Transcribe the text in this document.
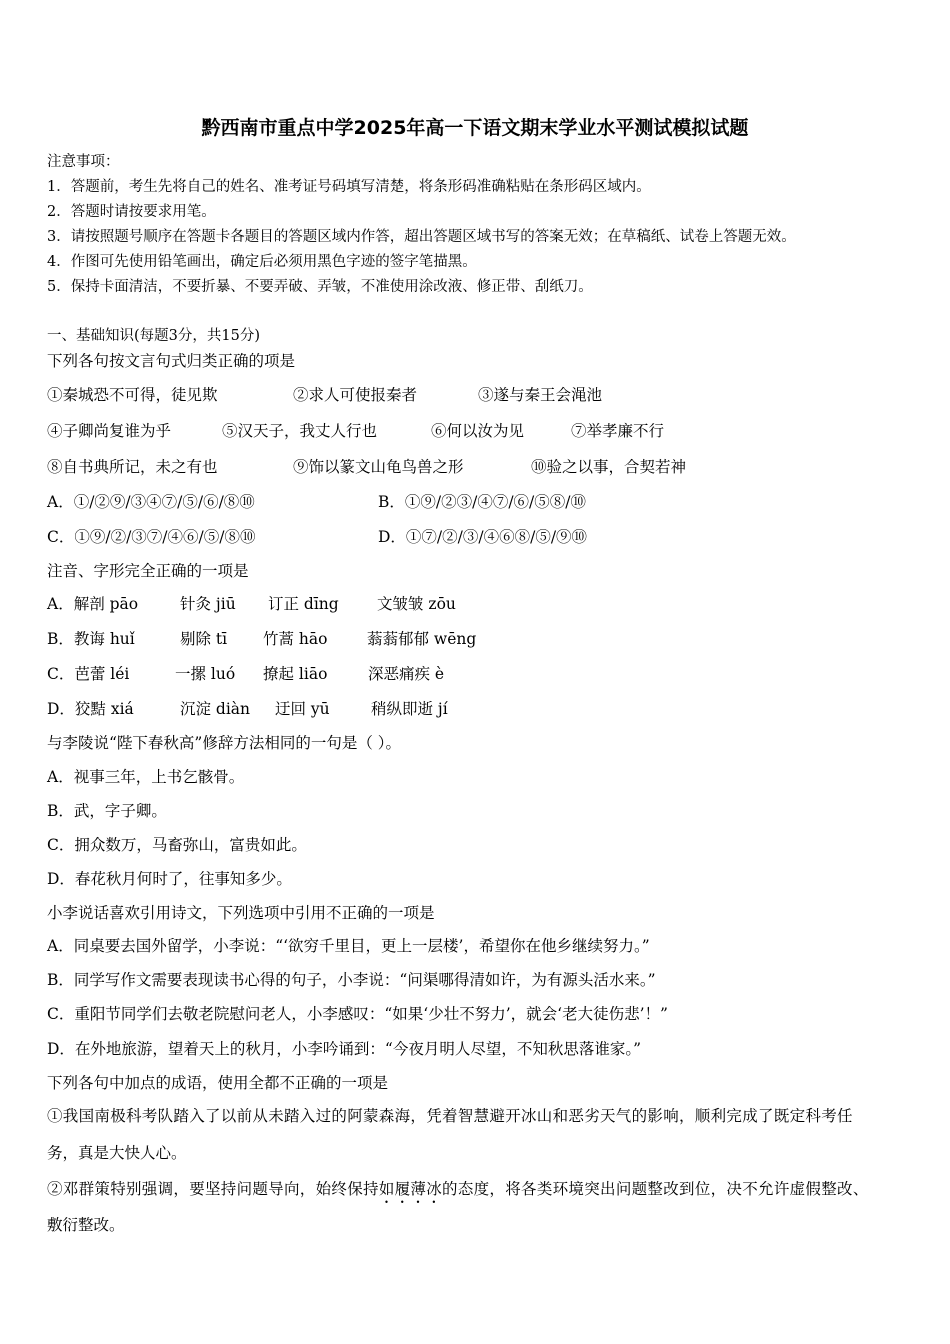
黔西南市重点中学2025年高一下语文期末学业水平测试模拟试题
注意事项：
1．答题前，考生先将自己的姓名、准考证号码填写清楚，将条形码准确粘贴在条形码区域内。
2．答题时请按要求用笔。
3．请按照题号顺序在答题卡各题目的答题区域内作答，超出答题区域书写的答案无效；在草稿纸、试卷上答题无效。
4．作图可先使用铅笔画出，确定后必须用黑色字迹的签字笔描黑。
5．保持卡面清洁，不要折暴、不要弄破、弄皱，不准使用涂改液、修正带、刮纸刀。
一、基础知识(每题3分，共15分)
下列各句按文言句式归类正确的项是
①秦城恐不可得，徒见欺	②求人可使报秦者	③遂与秦王会渑池
④子卿尚复谁为乎	⑤汉天子，我丈人行也	⑥何以汝为见	⑦举孝廉不行
⑧自书典所记，未之有也	⑨饰以篆文山龟鸟兽之形	⑩验之以事，合契若神
A．①/②⑨/③④⑦/⑤/⑥/⑧⑩	B．①⑨/②③/④⑦/⑥/⑤⑧/⑩
C．①⑨/②/③⑦/④⑥/⑤/⑧⑩	D．①⑦/②/③/④⑥⑧/⑤/⑨⑩
注音、字形完全正确的一项是
A．解剖 pāo	针灸 jiū 订正 dīng 文皱皱 zōu
B．教诲 huǐ	剔除 tī 竹蒿 hāo	蓊蓊郁郁 wēng
C．芭蕾 léi	一摞 luó 撩起 liāo	深恶痛疾 è
D．狡黠 xiá	沉淀 diàn 迂回 yū	稍纵即逝 jí
与李陵说“陛下春秋高”修辞方法相同的一句是（ ）。
A．视事三年，上书乞骸骨。
B．武，字子卿。
C．拥众数万，马畜弥山，富贵如此。
D．春花秋月何时了，往事知多少。
小李说话喜欢引用诗文，下列选项中引用不正确的一项是
A．同桌要去国外留学，小李说：“‘欲穷千里目，更上一层楼’，希望你在他乡继续努力。”
B．同学写作文需要表现读书心得的句子，小李说：“问渠哪得清如许，为有源头活水来。”
C．重阳节同学们去敬老院慰问老人，小李感叹：“如果‘少壮不努力’，就会‘老大徒伤悲’！”
D．在外地旅游，望着天上的秋月，小李吟诵到：“今夜月明人尽望，不知秋思落谁家。”
下列各句中加点的成语，使用全都不正确的一项是
①我国南极科考队踏入了以前从未踏入过的阿蒙森海，凭着智慧避开冰山和恶劣天气的影响，顺利完成了既定科考任
务，真是大快人心。
②邓群策特别强调，要坚持问题导向，始终保持如履薄冰的态度，将各类环境突出问题整改到位，决不允许虚假整改、
敷衍整改。
